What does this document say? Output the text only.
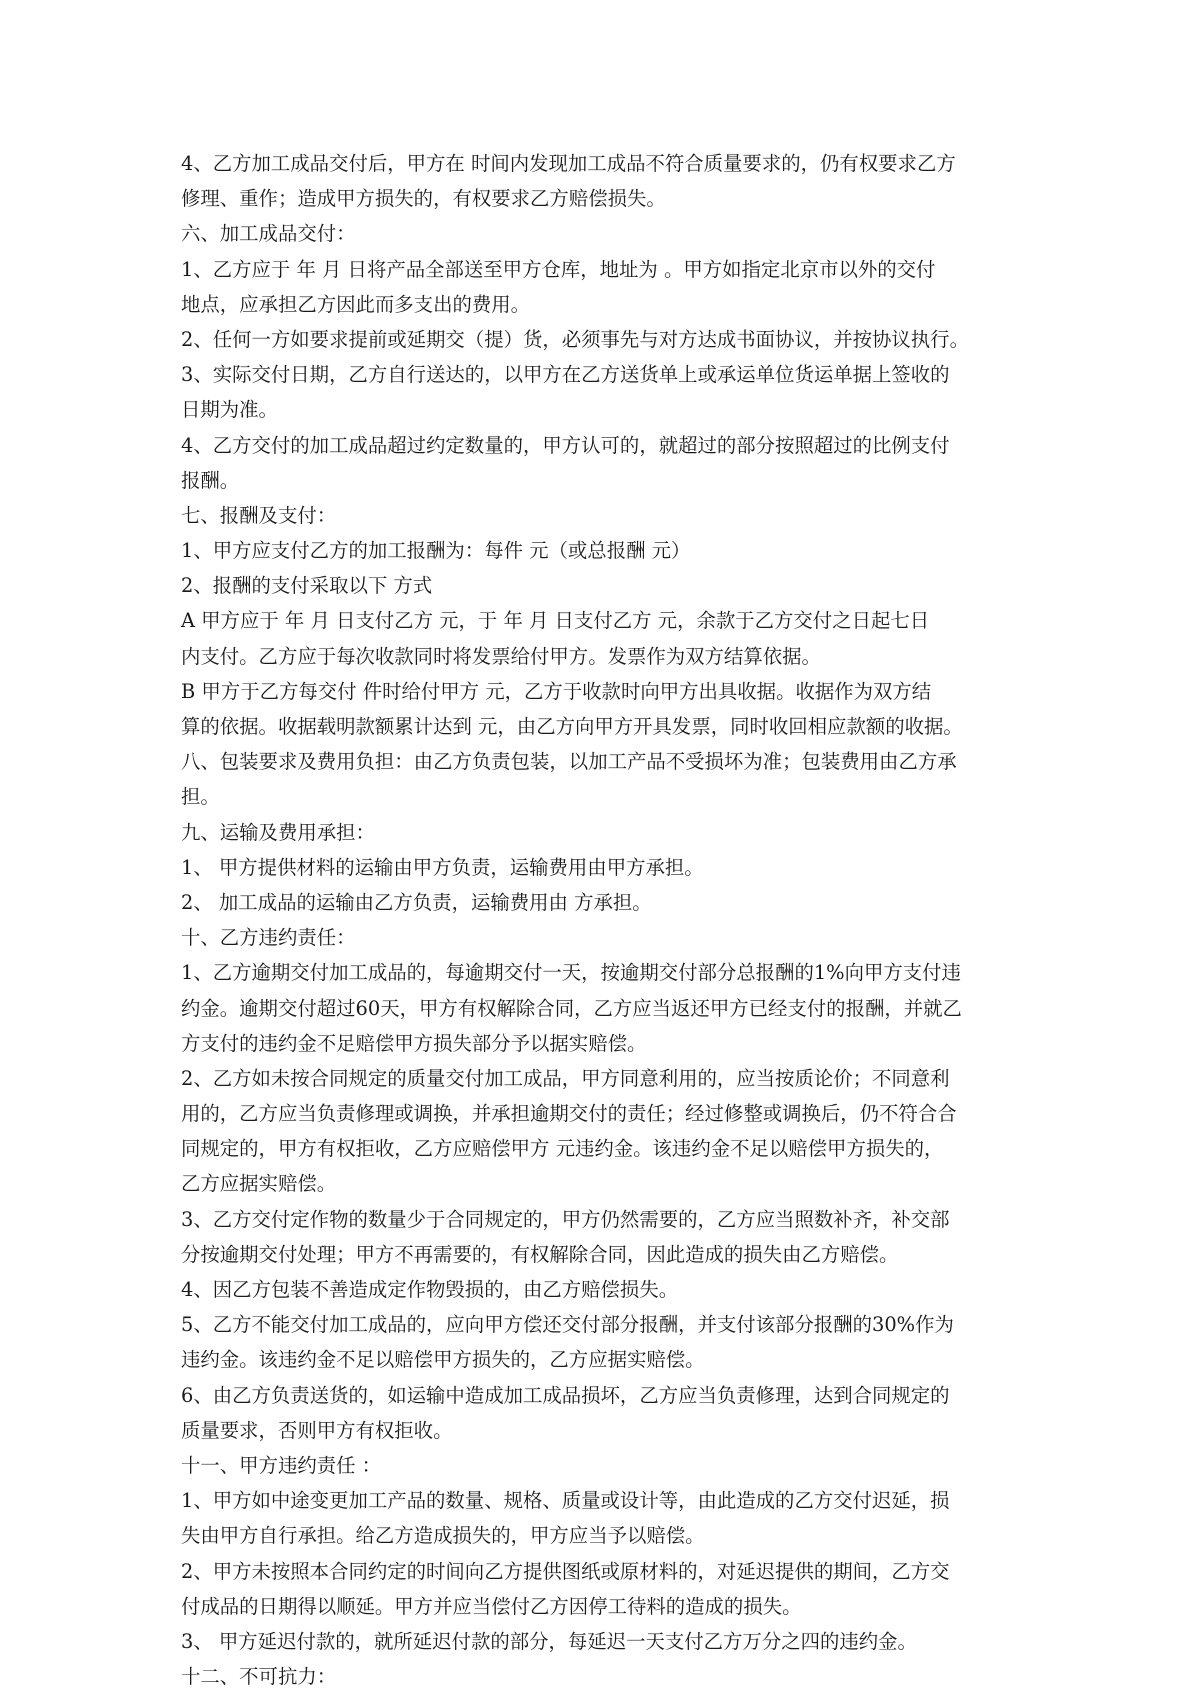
4、乙方加工成品交付后，甲方在 时间内发现加工成品不符合质量要求的，仍有权要求乙方
修理、重作；造成甲方损失的，有权要求乙方赔偿损失。
六、加工成品交付：
1、乙方应于 年 月 日将产品全部送至甲方仓库，地址为 。甲方如指定北京市以外的交付
地点，应承担乙方因此而多支出的费用。
2、任何一方如要求提前或延期交（提）货，必须事先与对方达成书面协议，并按协议执行。
3、实际交付日期，乙方自行送达的，以甲方在乙方送货单上或承运单位货运单据上签收的
日期为准。
4、乙方交付的加工成品超过约定数量的，甲方认可的，就超过的部分按照超过的比例支付
报酬。
七、报酬及支付：
1、甲方应支付乙方的加工报酬为：每件 元（或总报酬 元）
2、报酬的支付采取以下 方式
A 甲方应于 年 月 日支付乙方 元，于 年 月 日支付乙方 元，余款于乙方交付之日起七日
内支付。乙方应于每次收款同时将发票给付甲方。发票作为双方结算依据。
B 甲方于乙方每交付 件时给付甲方 元，乙方于收款时向甲方出具收据。收据作为双方结
算的依据。收据载明款额累计达到 元，由乙方向甲方开具发票，同时收回相应款额的收据。
八、包装要求及费用负担：由乙方负责包装，以加工产品不受损坏为准；包装费用由乙方承
担。
九、运输及费用承担：
1、 甲方提供材料的运输由甲方负责，运输费用由甲方承担。
2、 加工成品的运输由乙方负责，运输费用由 方承担。
十、乙方违约责任：
1、乙方逾期交付加工成品的，每逾期交付一天，按逾期交付部分总报酬的1%向甲方支付违
约金。逾期交付超过60天，甲方有权解除合同，乙方应当返还甲方已经支付的报酬，并就乙
方支付的违约金不足赔偿甲方损失部分予以据实赔偿。
2、乙方如未按合同规定的质量交付加工成品，甲方同意利用的，应当按质论价；不同意利
用的，乙方应当负责修理或调换，并承担逾期交付的责任；经过修整或调换后，仍不符合合
同规定的，甲方有权拒收，乙方应赔偿甲方 元违约金。该违约金不足以赔偿甲方损失的，
乙方应据实赔偿。
3、乙方交付定作物的数量少于合同规定的，甲方仍然需要的，乙方应当照数补齐，补交部
分按逾期交付处理；甲方不再需要的，有权解除合同，因此造成的损失由乙方赔偿。
4、因乙方包装不善造成定作物毁损的，由乙方赔偿损失。
5、乙方不能交付加工成品的，应向甲方偿还交付部分报酬，并支付该部分报酬的30%作为
违约金。该违约金不足以赔偿甲方损失的，乙方应据实赔偿。
6、由乙方负责送货的，如运输中造成加工成品损坏，乙方应当负责修理，达到合同规定的
质量要求，否则甲方有权拒收。
十一、甲方违约责任 ：
1、甲方如中途变更加工产品的数量、规格、质量或设计等，由此造成的乙方交付迟延，损
失由甲方自行承担。给乙方造成损失的，甲方应当予以赔偿。
2、甲方未按照本合同约定的时间向乙方提供图纸或原材料的，对延迟提供的期间，乙方交
付成品的日期得以顺延。甲方并应当偿付乙方因停工待料的造成的损失。
3、 甲方延迟付款的，就所延迟付款的部分，每延迟一天支付乙方万分之四的违约金。
十二、不可抗力：
